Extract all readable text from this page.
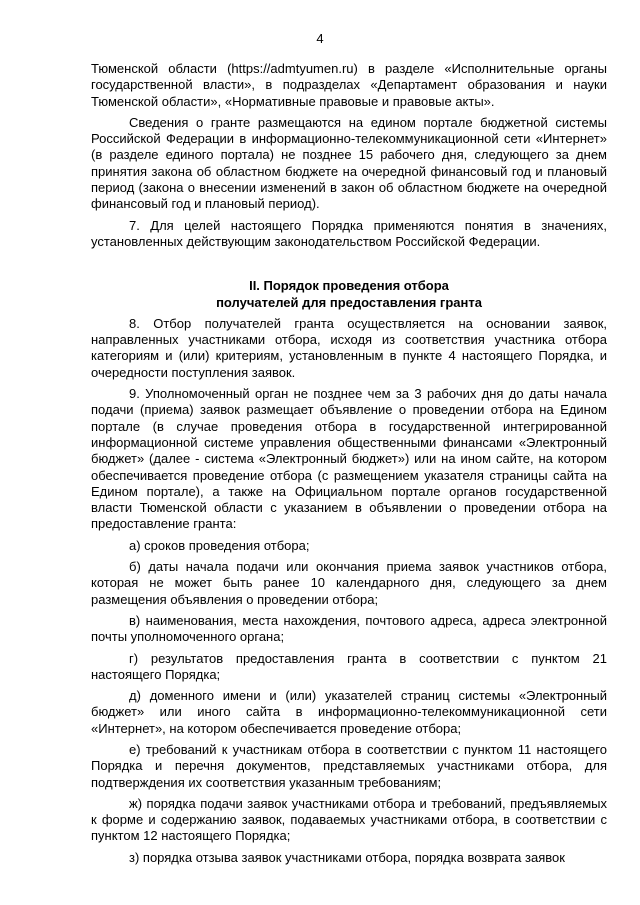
4

Тюменской области (https://admtyumen.ru) в разделе «Исполнительные органы государственной власти», в подразделах «Департамент образования и науки Тюменской области», «Нормативные правовые и правовые акты».

Сведения о гранте размещаются на едином портале бюджетной системы Российской Федерации в информационно-телекоммуникационной сети «Интернет» (в разделе единого портала) не позднее 15 рабочего дня, следующего за днем принятия закона об областном бюджете на очередной финансовый год и плановый период (закона о внесении изменений в закон об областном бюджете на очередной финансовый год и плановый период).

7. Для целей настоящего Порядка применяются понятия в значениях, установленных действующим законодательством Российской Федерации.

II. Порядок проведения отбора
получателей для предоставления гранта

8. Отбор получателей гранта осуществляется на основании заявок, направленных участниками отбора, исходя из соответствия участника отбора категориям и (или) критериям, установленным в пункте 4 настоящего Порядка, и очередности поступления заявок.

9. Уполномоченный орган не позднее чем за 3 рабочих дня до даты начала подачи (приема) заявок размещает объявление о проведении отбора на Едином портале (в случае проведения отбора в государственной интегрированной информационной системе управления общественными финансами «Электронный бюджет» (далее - система «Электронный бюджет») или на ином сайте, на котором обеспечивается проведение отбора (с размещением указателя страницы сайта на Едином портале), а также на Официальном портале органов государственной власти Тюменской области с указанием в объявлении о проведении отбора на предоставление гранта:

а) сроков проведения отбора;

б) даты начала подачи или окончания приема заявок участников отбора, которая не может быть ранее 10 календарного дня, следующего за днем размещения объявления о проведении отбора;

в) наименования, места нахождения, почтового адреса, адреса электронной почты уполномоченного органа;

г) результатов предоставления гранта в соответствии с пунктом 21 настоящего Порядка;

д) доменного имени и (или) указателей страниц системы «Электронный бюджет» или иного сайта в информационно-телекоммуникационной сети «Интернет», на котором обеспечивается проведение отбора;

е) требований к участникам отбора в соответствии с пунктом 11 настоящего Порядка и перечня документов, представляемых участниками отбора, для подтверждения их соответствия указанным требованиям;

ж) порядка подачи заявок участниками отбора и требований, предъявляемых к форме и содержанию заявок, подаваемых участниками отбора, в соответствии с пунктом 12 настоящего Порядка;

з) порядка отзыва заявок участниками отбора, порядка возврата заявок
